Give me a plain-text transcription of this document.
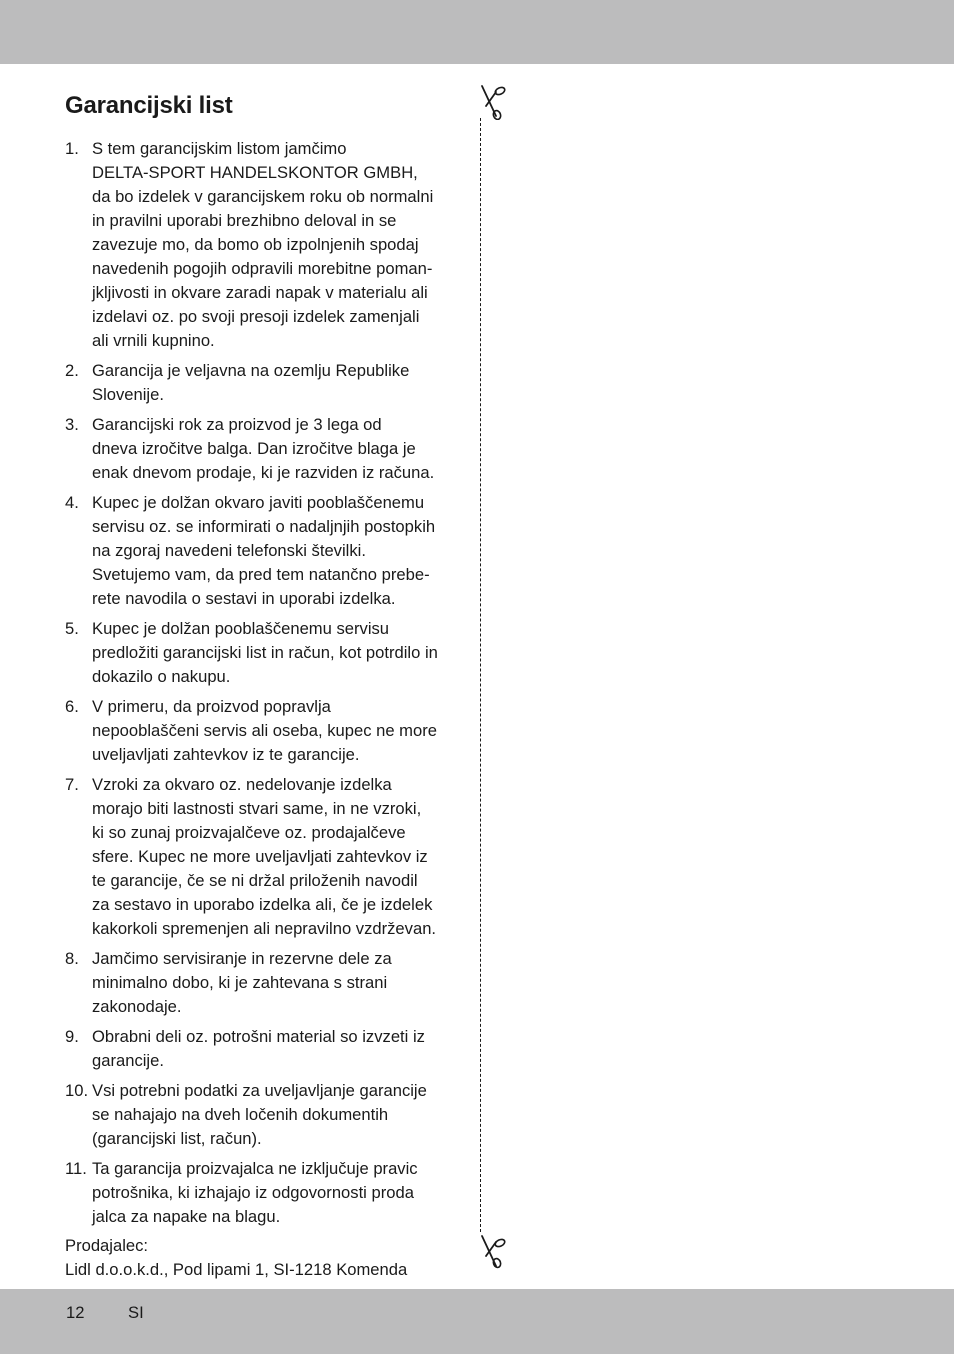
Garancijski list
1. S tem garancijskim listom jamčimo
DELTA-SPORT HANDELSKONTOR GMBH,
da bo izdelek v garancijskem roku ob normalni
in pravilni uporabi brezhibno deloval in se
zavezuje mo, da bomo ob izpolnjenih spodaj
navedenih pogojih odpravili morebitne poman-
jkljivosti in okvare zaradi napak v materialu ali
izdelavi oz. po svoji presoji izdelek zamenjali
ali vrnili kupnino.
2. Garancija je veljavna na ozemlju Republike
Slovenije.
3. Garancijski rok za proizvod je 3 lega od
dneva izročitve balga. Dan izročitve blaga je
enak dnevom prodaje, ki je razviden iz računa.
4. Kupec je dolžan okvaro javiti pooblaščenemu
servisu oz. se informirati o nadaljnjih postopkih
na zgoraj navedeni telefonski številki.
Svetujemo vam, da pred tem natančno prebe-
rete navodila o sestavi in uporabi izdelka.
5. Kupec je dolžan pooblaščenemu servisu
predložiti garancijski list in račun, kot potrdilo in
dokazilo o nakupu.
6. V primeru, da proizvod popravlja
nepooblaščeni servis ali oseba, kupec ne more
uveljavljati zahtevkov iz te garancije.
7. Vzroki za okvaro oz. nedelovanje izdelka
morajo biti lastnosti stvari same, in ne vzroki,
ki so zunaj proizvajalčeve oz. prodajalčeve
sfere. Kupec ne more uveljavljati zahtevkov iz
te garancije, če se ni držal priloženih navodil
za sestavo in uporabo izdelka ali, če je izdelek
kakorkoli spremenjen ali nepravilno vzdrževan.
8. Jamčimo servisiranje in rezervne dele za
minimalno dobo, ki je zahtevana s strani
zakonodaje.
9. Obrabni deli oz. potrošni material so izvzeti iz
garancije.
10. Vsi potrebni podatki za uveljavljanje garancije
se nahajajo na dveh ločenih dokumentih
(garancijski list, račun).
11. Ta garancija proizvajalca ne izključuje pravic
potrošnika, ki izhajajo iz odgovornosti proda
jalca za napake na blagu.
Prodajalec:
Lidl d.o.o.k.d., Pod lipami 1, SI-1218 Komenda
12	SI
